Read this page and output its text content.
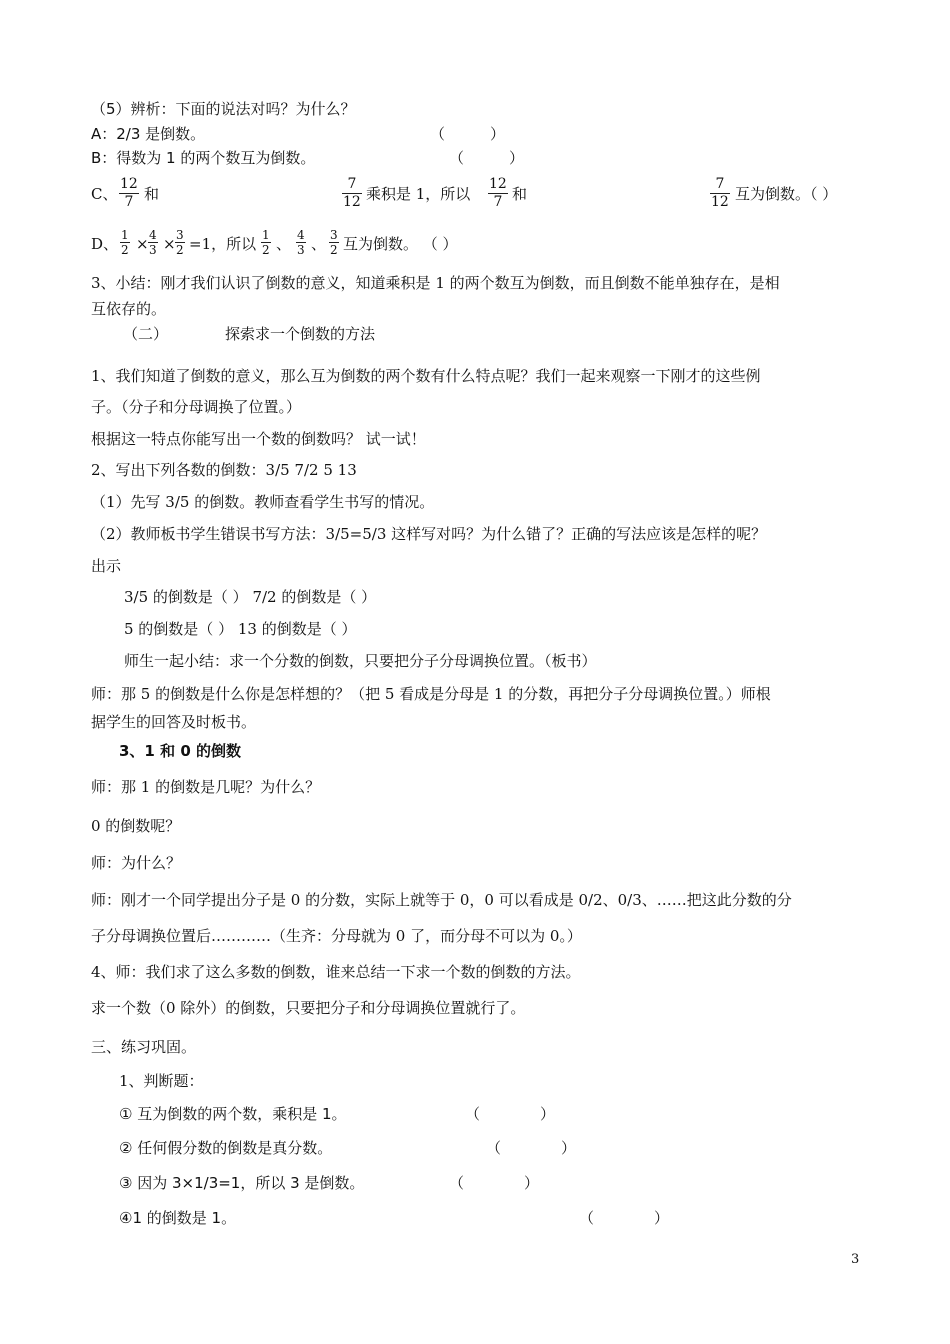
（5）辨析：下面的说法对吗？为什么？
A：2/3 是倒数。	（　　　）
B：得数为 1 的两个数互为倒数。	（　　　）
C、 $\frac{12}{7}$ 和	$\frac{7}{12}$ 乘积是 1，所以 $\frac{12}{7}$ 和	$\frac{7}{12}$ 互为倒数。（ ）
D、 $\frac{1}{2} \times \frac{4}{3} \times \frac{3}{2} =1$，所以 $\frac{1}{2}$ 、 $\frac{4}{3}$ 、 $\frac{3}{2}$ 互为倒数。 （ ）
3、小结：刚才我们认识了倒数的意义，知道乘积是 1 的两个数互为倒数，而且倒数不能单独存在，是相
互依存的。
（二）	探索求一个倒数的方法
1、我们知道了倒数的意义，那么互为倒数的两个数有什么特点呢？我们一起来观察一下刚才的这些例
子。（分子和分母调换了位置。）
根据这一特点你能写出一个数的倒数吗？ 试一试！
2、写出下列各数的倒数：3/5 7/2 5 13
（1）先写 3/5 的倒数。教师查看学生书写的情况。
（2）教师板书学生错误书写方法：3/5=5/3 这样写对吗？为什么错了？正确的写法应该是怎样的呢？
出示
3/5 的倒数是（ ） 7/2 的倒数是（ ）
5 的倒数是（ ） 13 的倒数是（ ）
师生一起小结：求一个分数的倒数，只要把分子分母调换位置。（板书）
师：那 5 的倒数是什么你是怎样想的？（把 5 看成是分母是 1 的分数，再把分子分母调换位置。）师根
据学生的回答及时板书。
3、1 和 0 的倒数
师：那 1 的倒数是几呢？为什么？
0 的倒数呢？
师：为什么？
师：刚才一个同学提出分子是 0 的分数，实际上就等于 0，0 可以看成是 0/2、0/3、……把这此分数的分
子分母调换位置后…………（生齐：分母就为 0 了，而分母不可以为 0。）
4、师：我们求了这么多数的倒数，谁来总结一下求一个数的倒数的方法。
求一个数（0 除外）的倒数，只要把分子和分母调换位置就行了。
三、练习巩固。
1、判断题：
① 互为倒数的两个数，乘积是 1。	（　　　　）
② 任何假分数的倒数是真分数。	（　　　　）
③ 因为 3×1/3=1，所以 3 是倒数。	（　　　　）
④1 的倒数是 1。	（　　　　）
3
